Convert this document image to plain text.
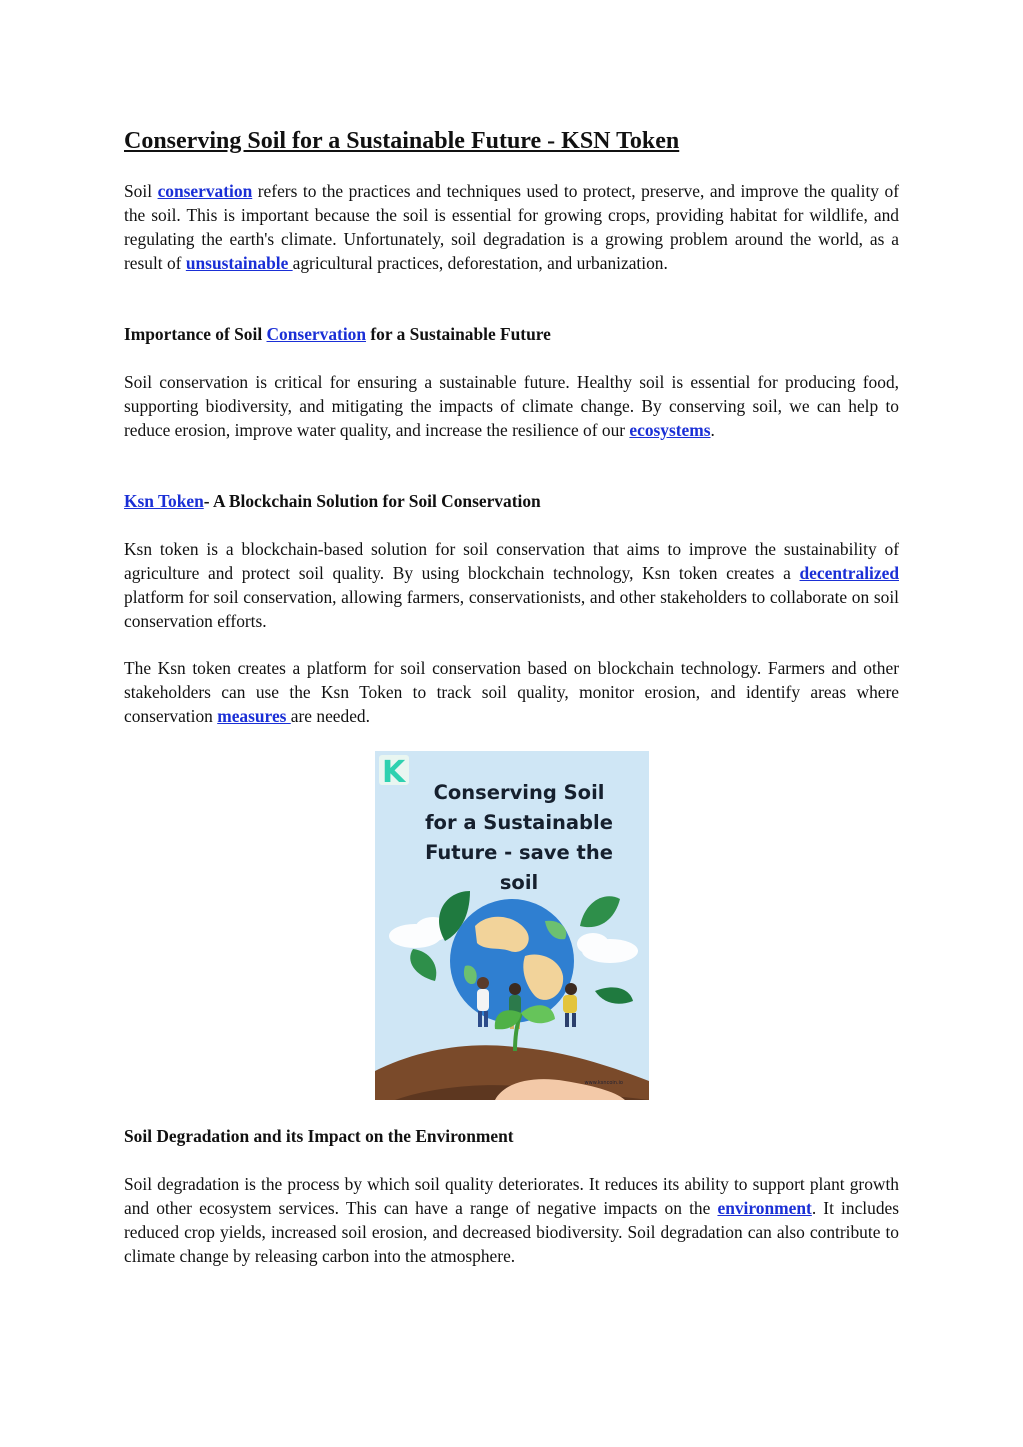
Conserving Soil for a Sustainable Future - KSN Token

Soil conservation refers to the practices and techniques used to protect, preserve, and improve the quality of the soil. This is important because the soil is essential for growing crops, providing habitat for wildlife, and regulating the earth's climate. Unfortunately, soil degradation is a growing problem around the world, as a result of unsustainable agricultural practices, deforestation, and urbanization.

Importance of Soil Conservation for a Sustainable Future

Soil conservation is critical for ensuring a sustainable future. Healthy soil is essential for producing food, supporting biodiversity, and mitigating the impacts of climate change. By conserving soil, we can help to reduce erosion, improve water quality, and increase the resilience of our ecosystems.

Ksn Token- A Blockchain Solution for Soil Conservation

Ksn token is a blockchain-based solution for soil conservation that aims to improve the sustainability of agriculture and protect soil quality. By using blockchain technology, Ksn token creates a decentralized platform for soil conservation, allowing farmers, conservationists, and other stakeholders to collaborate on soil conservation efforts.

The Ksn token creates a platform for soil conservation based on blockchain technology. Farmers and other stakeholders can use the Ksn Token to track soil quality, monitor erosion, and identify areas where conservation measures are needed.

Soil Degradation and its Impact on the Environment

Soil degradation is the process by which soil quality deteriorates. It reduces its ability to support plant growth and other ecosystem services. This can have a range of negative impacts on the environment. It includes reduced crop yields, increased soil erosion, and decreased biodiversity. Soil degradation can also contribute to climate change by releasing carbon into the atmosphere.

K
Conserving Soil
for a Sustainable
Future - save the
soil
www.ksncoin.io
